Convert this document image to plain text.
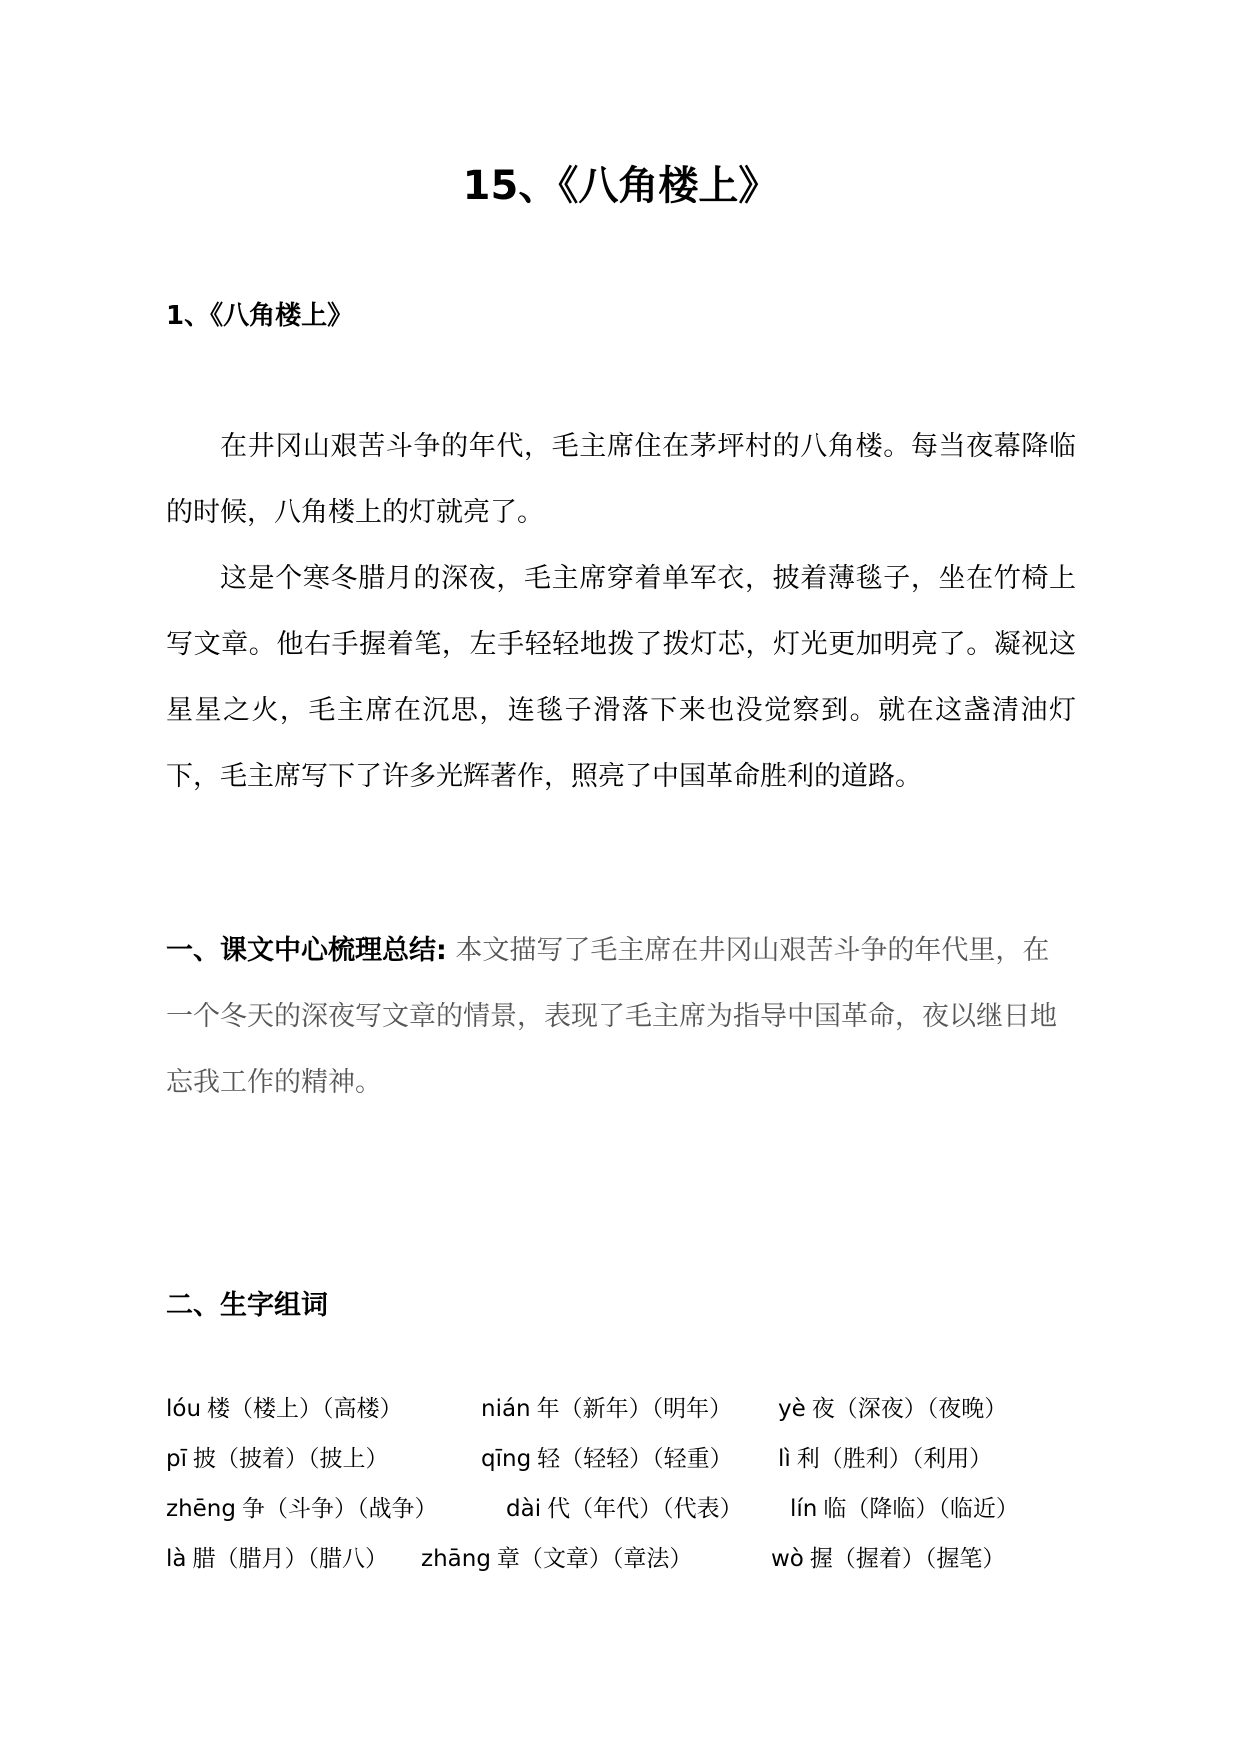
15、《八角楼上》
1、《八角楼上》

在井冈山艰苦斗争的年代，毛主席住在茅坪村的八角楼。每当夜幕降临的时候，八角楼上的灯就亮了。

这是个寒冬腊月的深夜，毛主席穿着单军衣，披着薄毯子，坐在竹椅上写文章。他右手握着笔，左手轻轻地拨了拨灯芯，灯光更加明亮了。凝视这星星之火，毛主席在沉思，连毯子滑落下来也没觉察到。就在这盏清油灯下，毛主席写下了许多光辉著作，照亮了中国革命胜利的道路。

一、课文中心梳理总结: 本文描写了毛主席在井冈山艰苦斗争的年代里，在一个冬天的深夜写文章的情景，表现了毛主席为指导中国革命，夜以继日地忘我工作的精神。
二、生字组词
lóu 楼（楼上）（高楼）	nián 年（新年）（明年） yè 夜（深夜）（夜晚）
pī 披（披着）（披上）	qīng 轻（轻轻）（轻重） lì 利（胜利）（利用）
zhēng 争（斗争）（战争）	dài 代（年代）（代表） lín 临（降临）（临近）
là 腊（腊月）（腊八） zhāng 章（文章）（章法）	wò 握（握着）（握笔）
